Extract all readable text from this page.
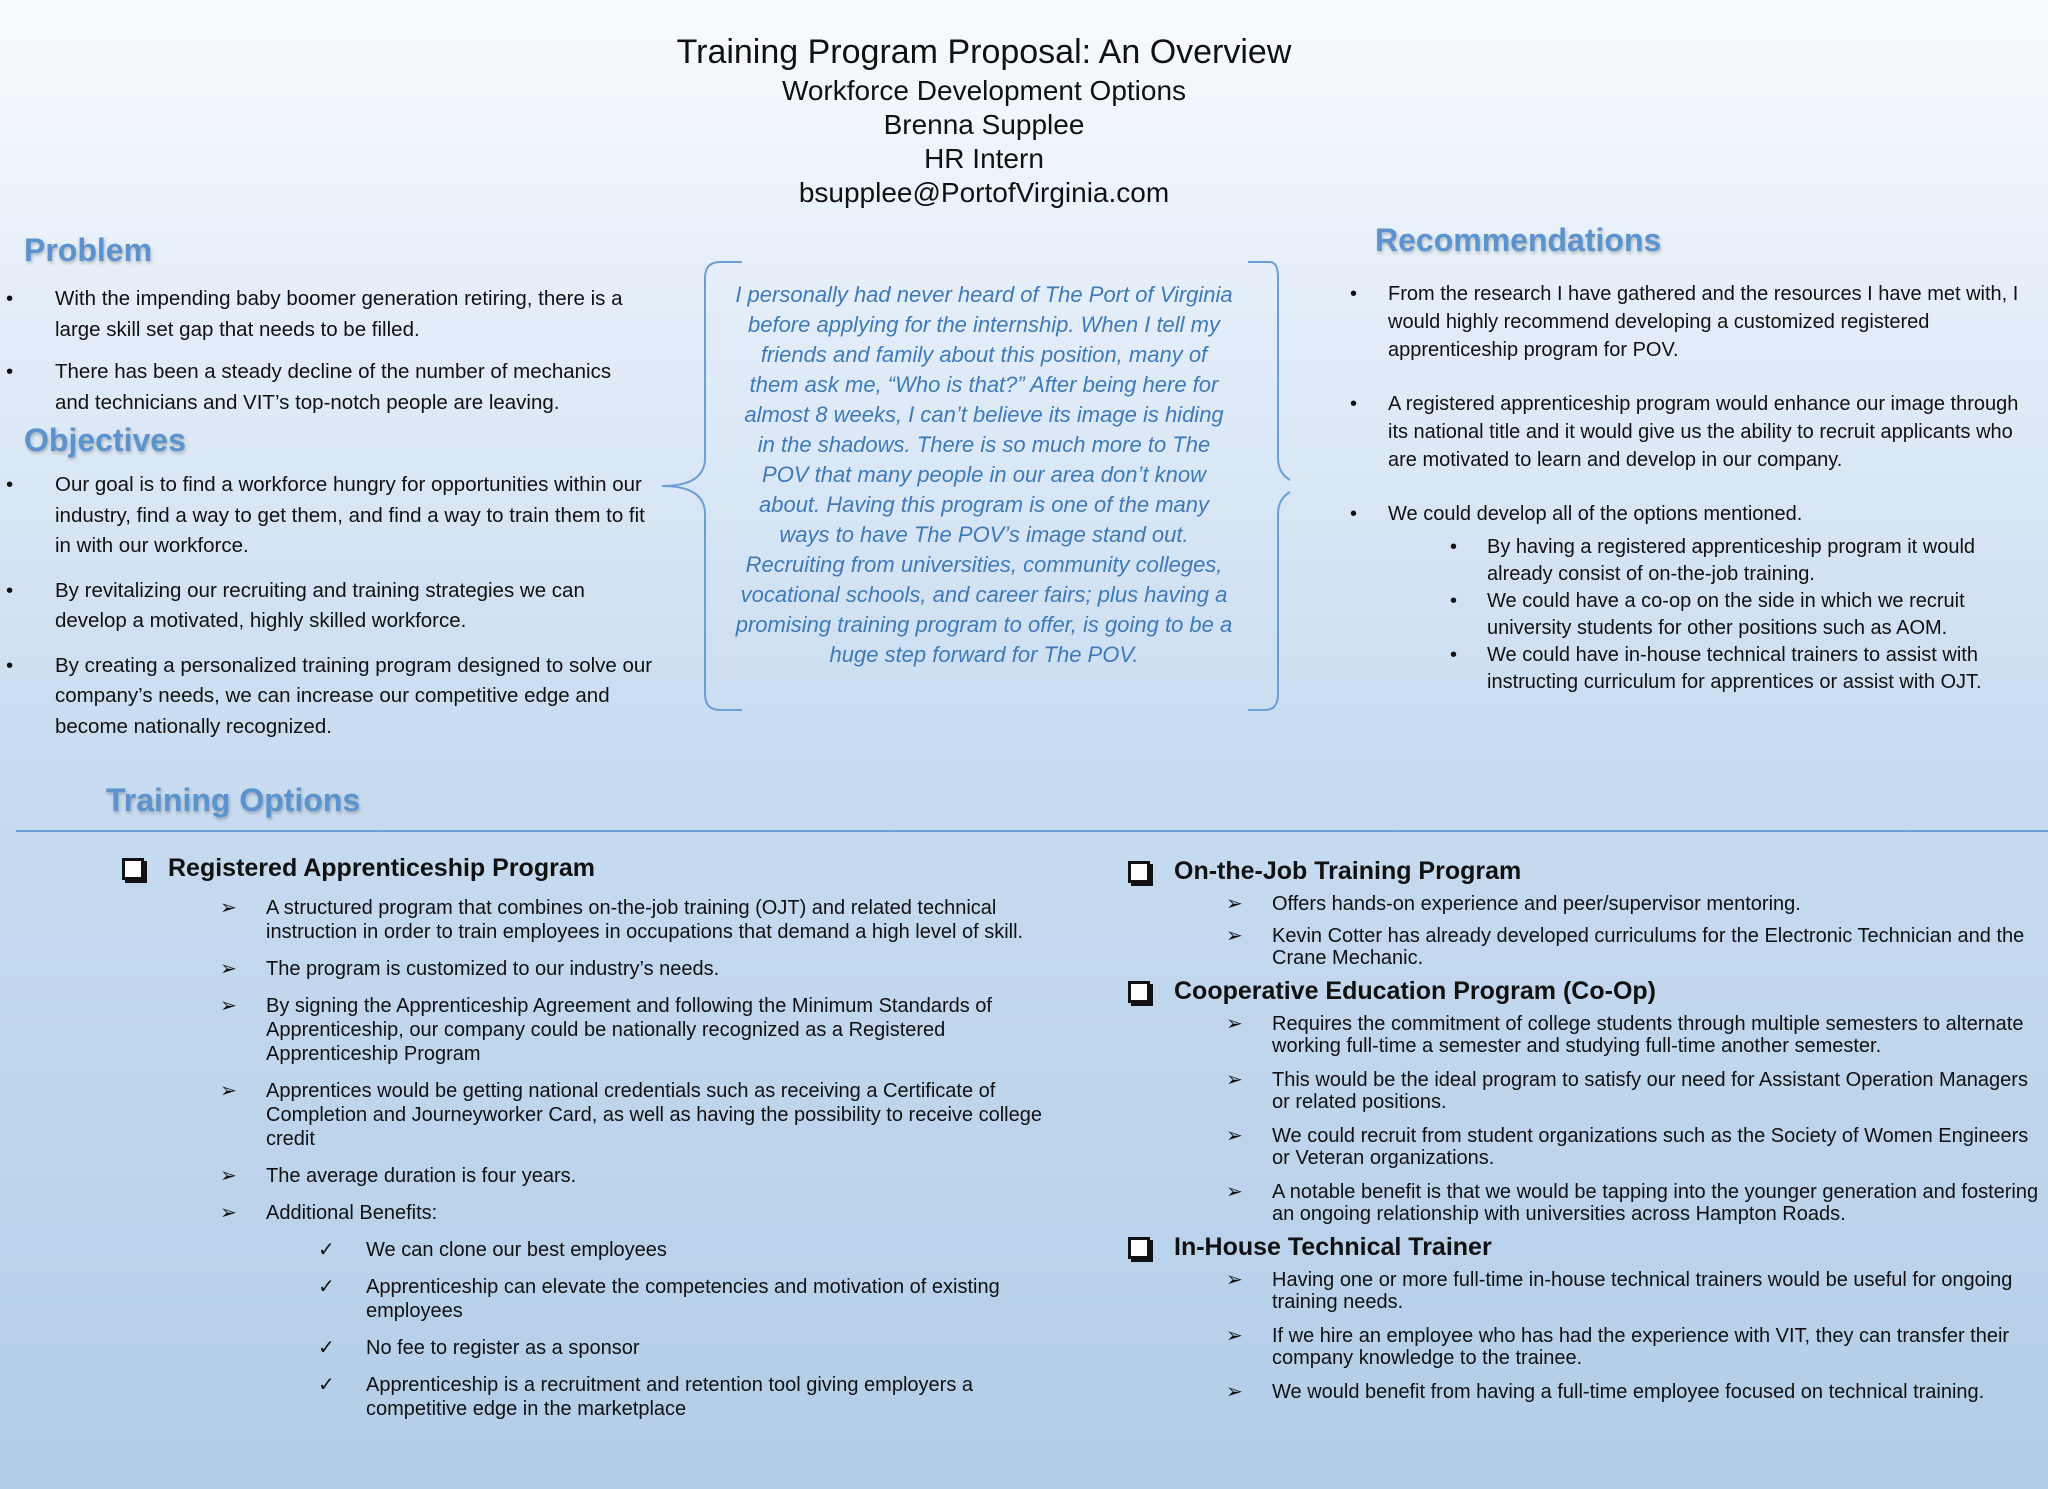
Training Program Proposal: An Overview
Workforce Development Options
Brenna Supplee
HR Intern
bsupplee@PortofVirginia.com
Problem
• With the impending baby boomer generation retiring, there is a large skill set gap that needs to be filled.
• There has been a steady decline of the number of mechanics and technicians and VIT’s top-notch people are leaving.
Objectives
• Our goal is to find a workforce hungry for opportunities within our industry, find a way to get them, and find a way to train them to fit in with our workforce.
• By revitalizing our recruiting and training strategies we can develop a motivated, highly skilled workforce.
• By creating a personalized training program designed to solve our company’s needs, we can increase our competitive edge and become nationally recognized.
I personally had never heard of The Port of Virginia before applying for the internship. When I tell my friends and family about this position, many of them ask me, “Who is that?” After being here for almost 8 weeks, I can’t believe its image is hiding in the shadows. There is so much more to The POV that many people in our area don’t know about. Having this program is one of the many ways to have The POV’s image stand out. Recruiting from universities, community colleges, vocational schools, and career fairs; plus having a promising training program to offer, is going to be a huge step forward for The POV.
Recommendations
• From the research I have gathered and the resources I have met with, I would highly recommend developing a customized registered apprenticeship program for POV.
• A registered apprenticeship program would enhance our image through its national title and it would give us the ability to recruit applicants who are motivated to learn and develop in our company.
• We could develop all of the options mentioned.
• By having a registered apprenticeship program it would already consist of on-the-job training.
• We could have a co-op on the side in which we recruit university students for other positions such as AOM.
• We could have in-house technical trainers to assist with instructing curriculum for apprentices or assist with OJT.
Training Options
Registered Apprenticeship Program
➢ A structured program that combines on-the-job training (OJT) and related technical instruction in order to train employees in occupations that demand a high level of skill.
➢ The program is customized to our industry’s needs.
➢ By signing the Apprenticeship Agreement and following the Minimum Standards of Apprenticeship, our company could be nationally recognized as a Registered Apprenticeship Program
➢ Apprentices would be getting national credentials such as receiving a Certificate of Completion and Journeyworker Card, as well as having the possibility to receive college credit
➢ The average duration is four years.
➢ Additional Benefits:
✓ We can clone our best employees
✓ Apprenticeship can elevate the competencies and motivation of existing employees
✓ No fee to register as a sponsor
✓ Apprenticeship is a recruitment and retention tool giving employers a competitive edge in the marketplace
On-the-Job Training Program
➢ Offers hands-on experience and peer/supervisor mentoring.
➢ Kevin Cotter has already developed curriculums for the Electronic Technician and the Crane Mechanic.
Cooperative Education Program (Co-Op)
➢ Requires the commitment of college students through multiple semesters to alternate working full-time a semester and studying full-time another semester.
➢ This would be the ideal program to satisfy our need for Assistant Operation Managers or related positions.
➢ We could recruit from student organizations such as the Society of Women Engineers or Veteran organizations.
➢ A notable benefit is that we would be tapping into the younger generation and fostering an ongoing relationship with universities across Hampton Roads.
In-House Technical Trainer
➢ Having one or more full-time in-house technical trainers would be useful for ongoing training needs.
➢ If we hire an employee who has had the experience with VIT, they can transfer their company knowledge to the trainee.
➢ We would benefit from having a full-time employee focused on technical training.
